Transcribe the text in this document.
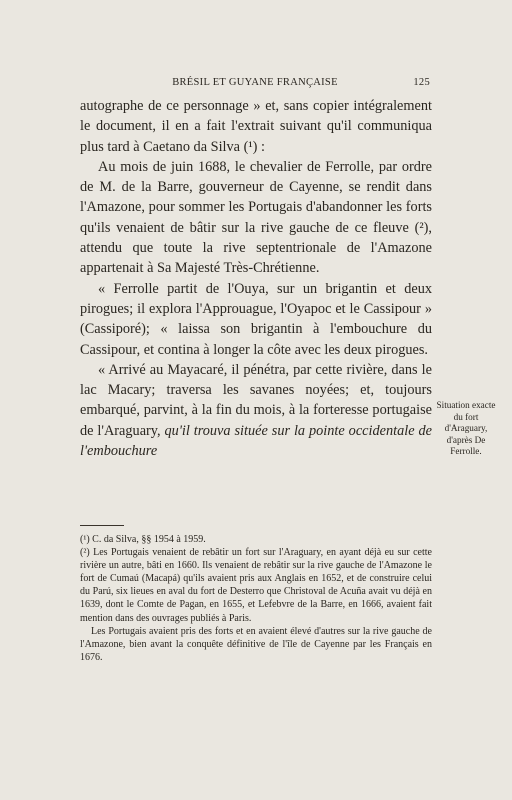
BRÉSIL ET GUYANE FRANÇAISE	125

autographe de ce personnage » et, sans copier intégralement le document, il en a fait l'extrait suivant qu'il communiqua plus tard à Caetano da Silva (¹) :

Au mois de juin 1688, le chevalier de Ferrolle, par ordre de M. de la Barre, gouverneur de Cayenne, se rendit dans l'Amazone, pour sommer les Portugais d'abandonner les forts qu'ils venaient de bâtir sur la rive gauche de ce fleuve (²), attendu que toute la rive septentrionale de l'Amazone appartenait à Sa Majesté Très-Chrétienne.

« Ferrolle partit de l'Ouya, sur un brigantin et deux pirogues; il explora l'Approuague, l'Oyapoc et le Cassipour » (Cassiporé); « laissa son brigantin à l'embouchure du Cassipour, et contina à longer la côte avec les deux pirogues.

« Arrivé au Mayacaré, il pénétra, par cette rivière, dans le lac Macary; traversa les savanes noyées; et, toujours embarqué, parvint, à la fin du mois, à la forteresse portugaise de l'Araguary, qu'il trouva située sur la pointe occidentale de l'embouchure

Situation exacte du fort d'Araguary, d'après De Ferrolle.

(¹) C. da Silva, §§ 1954 à 1959.

(²) Les Portugais venaient de rebâtir un fort sur l'Araguary, en ayant déjà eu sur cette rivière un autre, bâti en 1660. Ils venaient de rebâtir sur la rive gauche de l'Amazone le fort de Cumaú (Macapá) qu'ils avaient pris aux Anglais en 1652, et de construire celui du Parú, six lieues en aval du fort de Desterro que Christoval de Acuña avait vu déjà en 1639, dont le Comte de Pagan, en 1655, et Lefebvre de la Barre, en 1666, avaient fait mention dans des ouvrages publiés à Paris.

Les Portugais avaient pris des forts et en avaient élevé d'autres sur la rive gauche de l'Amazone, bien avant la conquête définitive de l'île de Cayenne par les Français en 1676.
